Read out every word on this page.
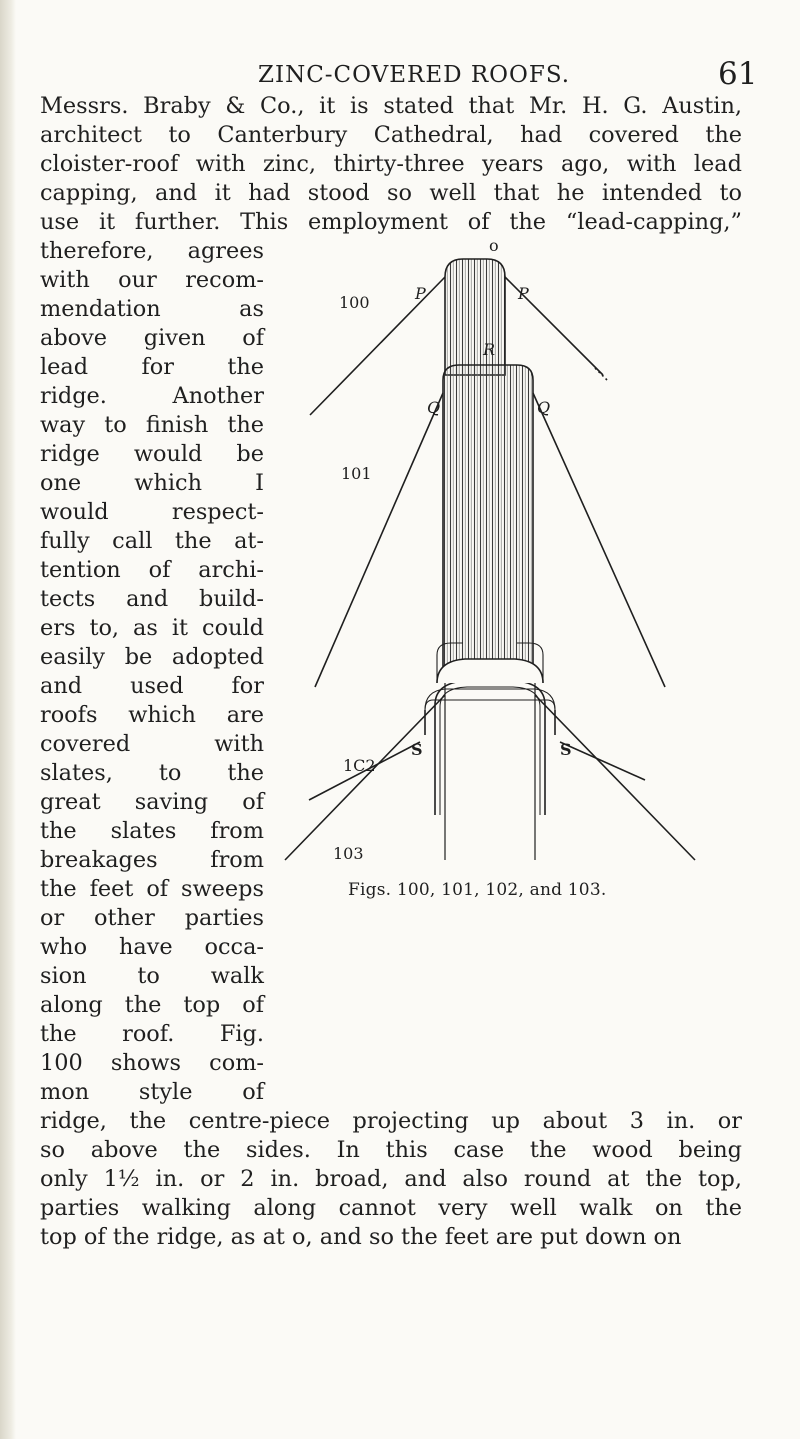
ZINC-COVERED ROOFS.	61
Messrs. Braby & Co., it is stated that Mr. H. G. Austin,
architect to Canterbury Cathedral, had covered the
cloister-roof with zinc, thirty-three years ago, with lead
capping, and it had stood so well that he intended to
use it further. This employment of the “lead-capping,”
therefore, agrees
with our recom-
mendation as
above given of
lead for the
ridge. Another
way to finish the
ridge would be
one which I
would respect-
fully call the at-
tention of archi-
tects and build-
ers to, as it could
easily be adopted
and used for
roofs which are
covered with
slates, to the
great saving of
the slates from
breakages from
the feet of sweeps
or other parties
who have occa-
sion to walk
along the top of
the roof. Fig.
100 shows com-
mon style of
ridge, the centre-piece projecting up about 3 in. or
so above the sides. In this case the wood being
only 1½ in. or 2 in. broad, and also round at the top,
parties walking along cannot very well walk on the
top of the ridge, as at o, and so the feet are put down on
o
100	P	P
R
Q	Q
101
S	S
1C2
103
Figs. 100, 101, 102, and 103.
